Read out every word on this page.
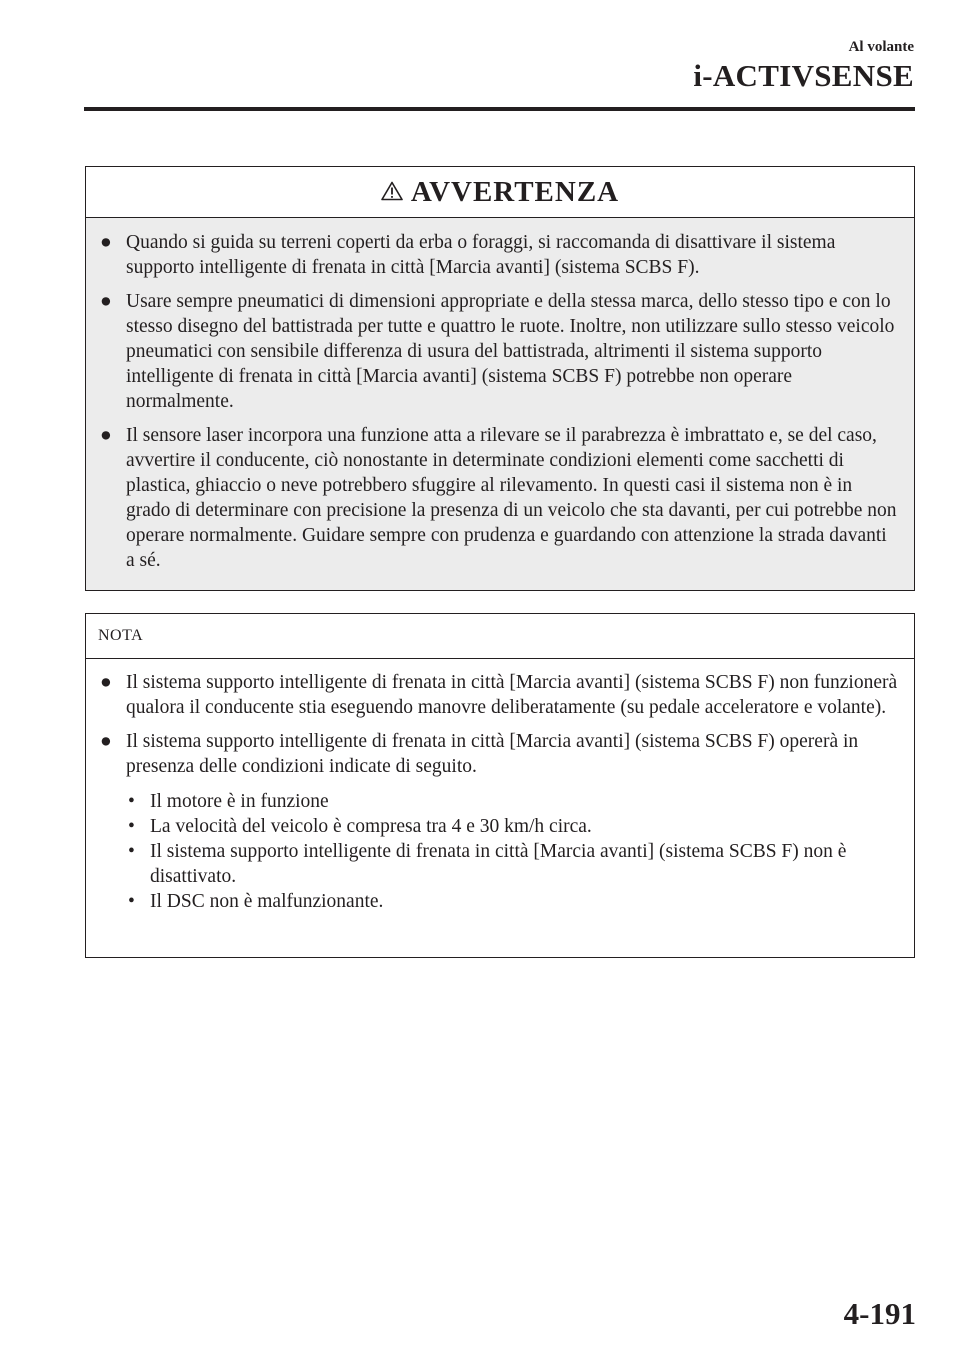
Al volante
i-ACTIVSENSE
AVVERTENZA
● Quando si guida su terreni coperti da erba o foraggi, si raccomanda di disattivare il sistema supporto intelligente di frenata in città [Marcia avanti] (sistema SCBS F).
● Usare sempre pneumatici di dimensioni appropriate e della stessa marca, dello stesso tipo e con lo stesso disegno del battistrada per tutte e quattro le ruote. Inoltre, non utilizzare sullo stesso veicolo pneumatici con sensibile differenza di usura del battistrada, altrimenti il sistema supporto intelligente di frenata in città [Marcia avanti] (sistema SCBS F) potrebbe non operare normalmente.
● Il sensore laser incorpora una funzione atta a rilevare se il parabrezza è imbrattato e, se del caso, avvertire il conducente, ciò nonostante in determinate condizioni elementi come sacchetti di plastica, ghiaccio o neve potrebbero sfuggire al rilevamento. In questi casi il sistema non è in grado di determinare con precisione la presenza di un veicolo che sta davanti, per cui potrebbe non operare normalmente. Guidare sempre con prudenza e guardando con attenzione la strada davanti a sé.
NOTA
● Il sistema supporto intelligente di frenata in città [Marcia avanti] (sistema SCBS F) non funzionerà qualora il conducente stia eseguendo manovre deliberatamente (su pedale acceleratore e volante).
● Il sistema supporto intelligente di frenata in città [Marcia avanti] (sistema SCBS F) opererà in presenza delle condizioni indicate di seguito.
• Il motore è in funzione
• La velocità del veicolo è compresa tra 4 e 30 km/h circa.
• Il sistema supporto intelligente di frenata in città [Marcia avanti] (sistema SCBS F) non è disattivato.
• Il DSC non è malfunzionante.
4-191
